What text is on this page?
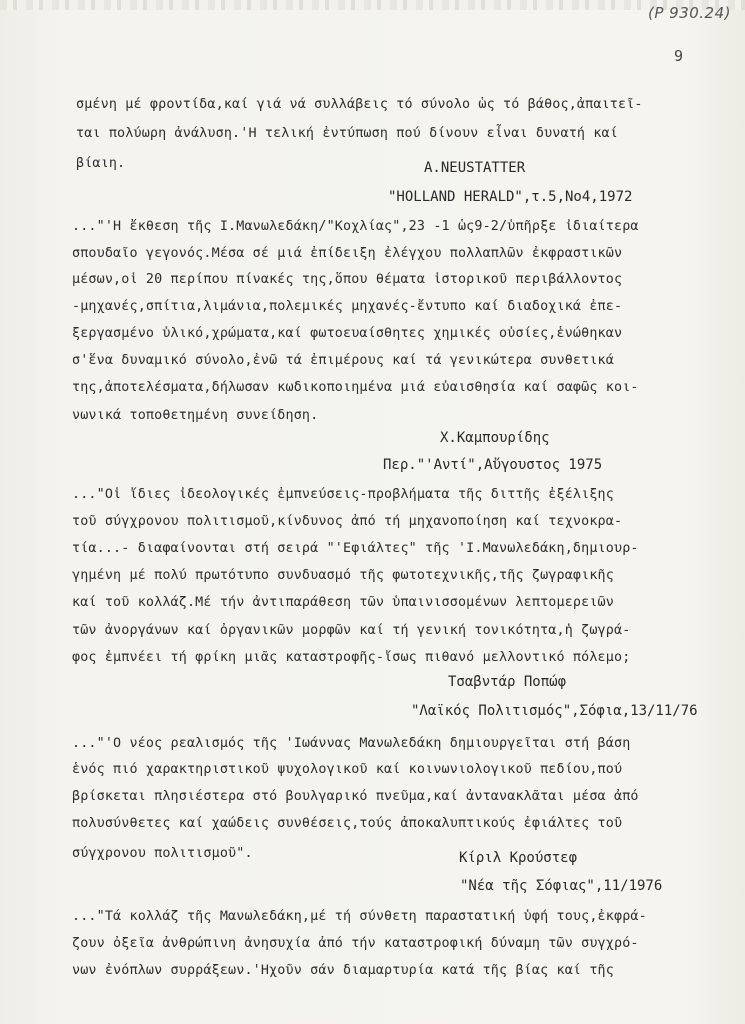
(P 930.24)
9
σμένη μέ φροντίδα,καί γιά νά συλλάβεις τό σύνολο ὡς τό βάθος,ἀπαιτεῖ-
ται πολύωρη ἀνάλυση.'Η τελική ἐντύπωση πού δίνουν εἶναι δυνατή καί
βίαιη.	A.NEUSTATTER
"HOLLAND HERALD",τ.5,No4,1972
..."'Η ἔκθεση τῆς Ι.Μανωλεδάκη/"Κοχλίας",23 -1 ὡς9-2/ὑπῆρξε ἰδιαίτερα
σπουδαῖο γεγονός.Μέσα σέ μιά ἐπίδειξη ἐλέγχου πολλαπλῶν ἐκφραστικῶν
μέσων,οἱ 20 περίπου πίνακές της,ὅπου θέματα ἱστορικοῦ περιβάλλοντος
-μηχανές,σπίτια,λιμάνια,πολεμικές μηχανές-ἔντυπο καί διαδοχικά ἐπε-
ξεργασμένο ὑλικό,χρώματα,καί φωτοευαίσθητες χημικές οὐσίες,ἑνώθηκαν
σ'ἕνα δυναμικό σύνολο,ἐνῶ τά ἐπιμέρους καί τά γενικώτερα συνθετικά
της,ἀποτελέσματα,δήλωσαν κωδικοποιημένα μιά εὐαισθησία καί σαφῶς κοι-
νωνικά τοποθετημένη συνείδηση.
Χ.Καμπουρίδης
Περ."'Αντί",Αὔγουστος 1975
..."Οἱ ἴδιες ἰδεολογικές ἐμπνεύσεις-προβλήματα τῆς διττῆς ἐξέλιξης
τοῦ σύγχρονου πολιτισμοῦ,κίνδυνος ἀπό τή μηχανοποίηση καί τεχνοκρα-
τία...- διαφαίνονται στή σειρά "'Εφιάλτες" τῆς 'Ι.Μανωλεδάκη,δημιουρ-
γημένη μέ πολύ πρωτότυπο συνδυασμό τῆς φωτοτεχνικῆς,τῆς ζωγραφικῆς
καί τοῦ κολλάζ.Μέ τήν ἀντιπαράθεση τῶν ὑπαινισσομένων λεπτομερειῶν
τῶν ἀνοργάνων καί ὀργανικῶν μορφῶν καί τή γενική τονικότητα,ἡ ζωγρά-
φος ἐμπνέει τή φρίκη μιᾶς καταστροφῆς-ἴσως πιθανό μελλοντικό πόλεμο;
Τσαβντάρ Ποπώφ
"Λαϊκός Πολιτισμός",Σόφια,13/11/76
..."'Ο νέος ρεαλισμός τῆς 'Ιωάννας Μανωλεδάκη δημιουργεῖται στή βάση
ἑνός πιό χαρακτηριστικοῦ ψυχολογικοῦ καί κοινωνιολογικοῦ πεδίου,πού
βρίσκεται πλησιέστερα στό βουλγαρικό πνεῦμα,καί ἀντανακλᾶται μέσα ἀπό
πολυσύνθετες καί χαώδεις συνθέσεις,τούς ἀποκαλυπτικούς ἐφιάλτες τοῦ
σύγχρονου πολιτισμοῦ".	Κίριλ Κρούστεφ
"Νέα τῆς Σόφιας",11/1976
..."Τά κολλάζ τῆς Μανωλεδάκη,μέ τή σύνθετη παραστατική ὑφή τους,ἐκφρά-
ζουν ὀξεῖα ἀνθρώπινη ἀνησυχία ἀπό τήν καταστροφική δύναμη τῶν συγχρό-
νων ἐνόπλων συρράξεων.'Ηχοῦν σάν διαμαρτυρία κατά τῆς βίας καί τῆς
